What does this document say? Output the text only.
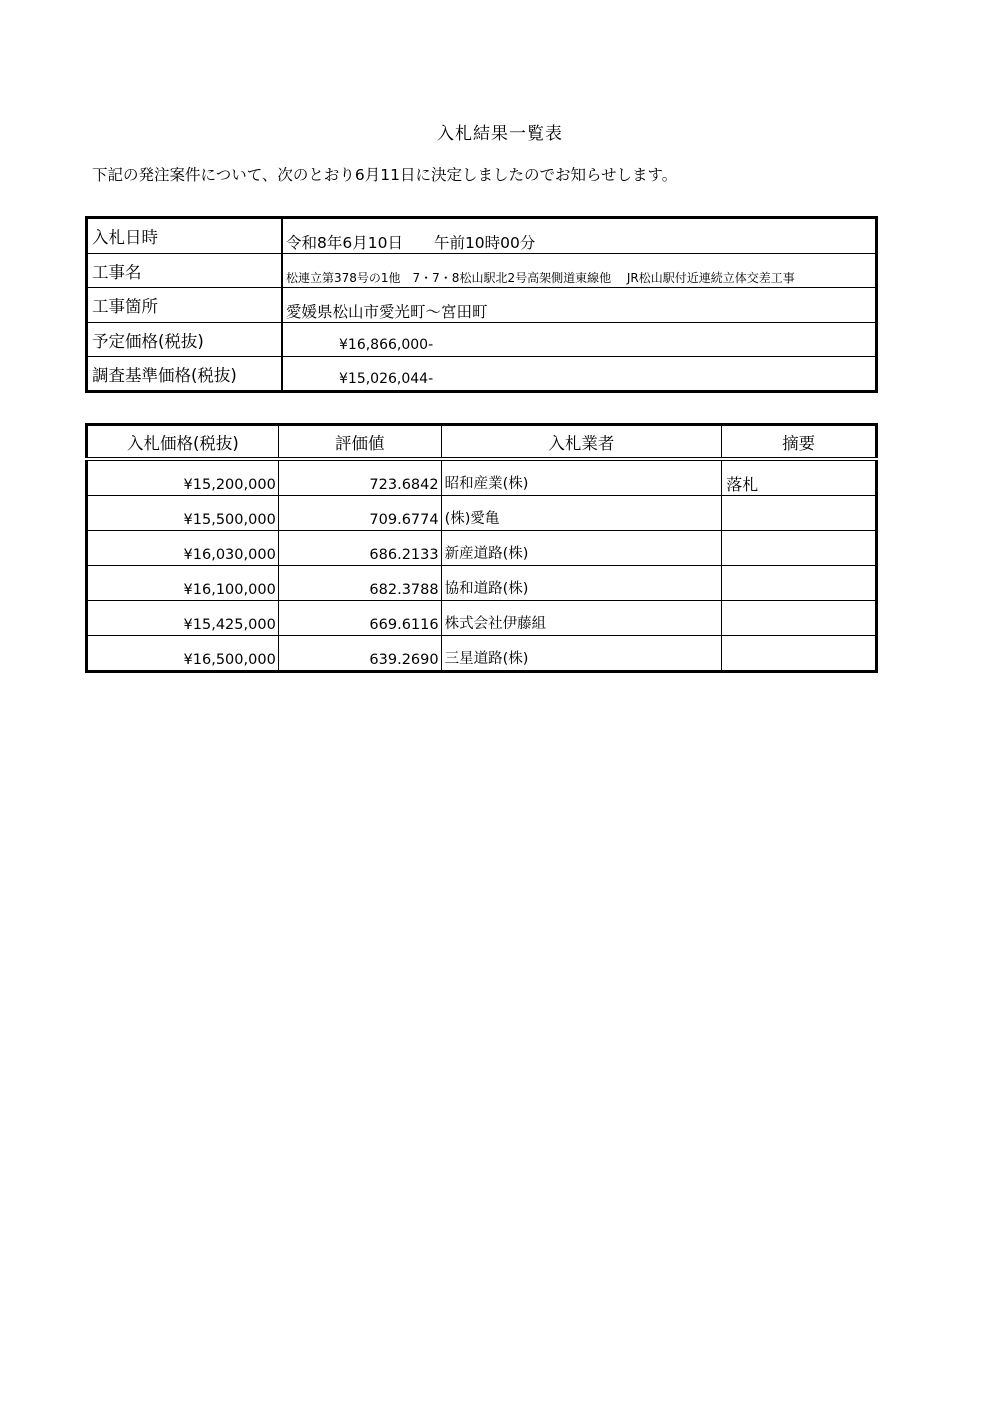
入札結果一覧表
下記の発注案件について、次のとおり6月11日に決定しましたのでお知らせします。
入札日時	令和8年6月10日　　午前10時00分
工事名	松連立第378号の1他　7・7・8松山駅北2号高架側道東線他　 JR松山駅付近連続立体交差工事
工事箇所	愛媛県松山市愛光町～宮田町
予定価格(税抜)	¥16,866,000-
調査基準価格(税抜)	¥15,026,044-
入札価格(税抜)	評価値	入札業者	摘要
¥15,200,000	723.6842	昭和産業(株)	落札
¥15,500,000	709.6774	(株)愛亀	
¥16,030,000	686.2133	新産道路(株)	
¥16,100,000	682.3788	協和道路(株)	
¥15,425,000	669.6116	株式会社伊藤組	
¥16,500,000	639.2690	三星道路(株)	
